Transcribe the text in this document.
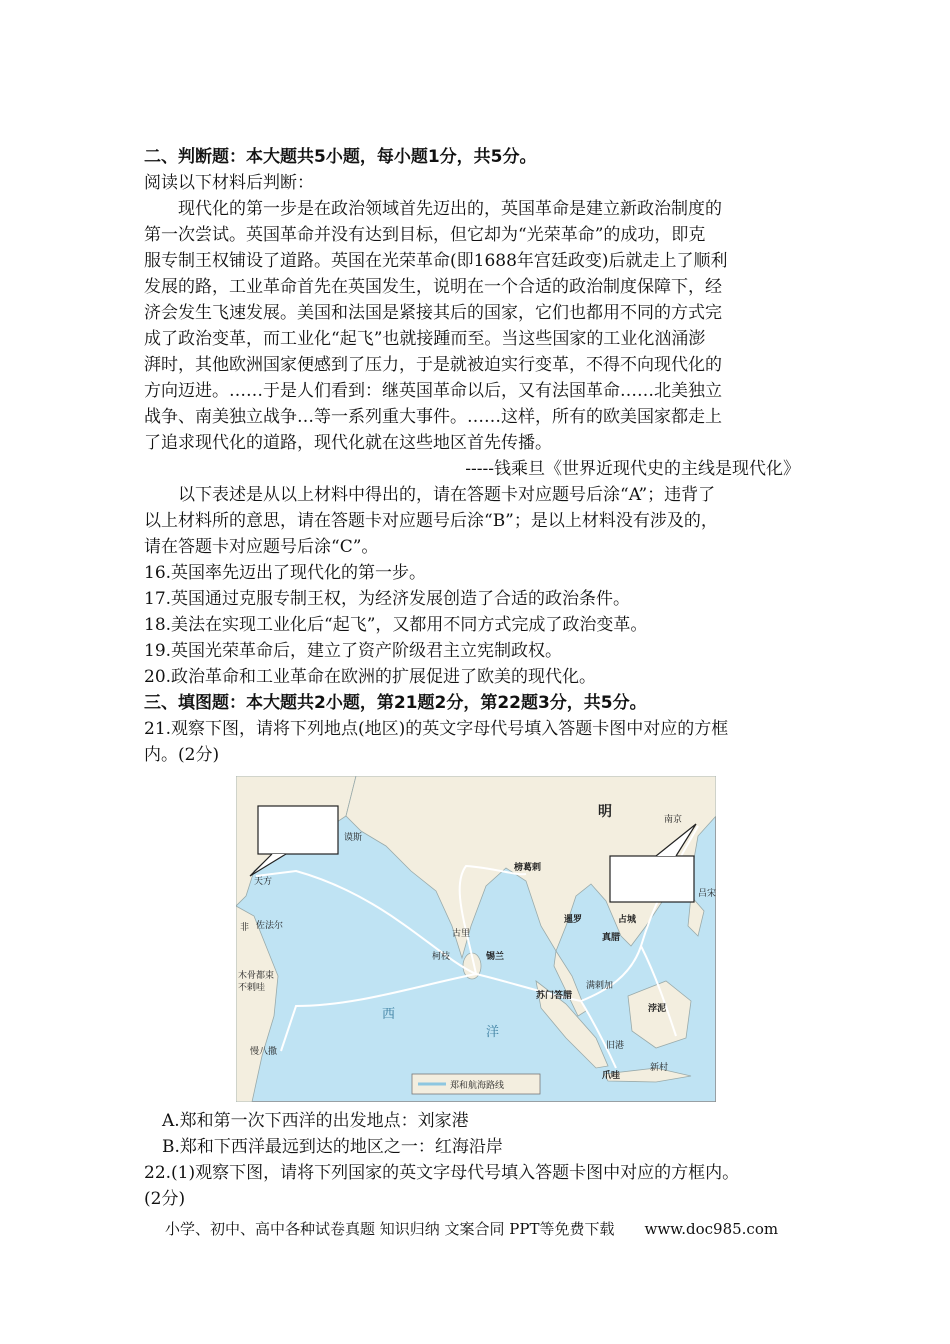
二、判断题：本大题共5小题，每小题1分，共5分。
阅读以下材料后判断：
现代化的第一步是在政治领域首先迈出的，英国革命是建立新政治制度的
第一次尝试。英国革命并没有达到目标，但它却为“光荣革命”的成功，即克
服专制王权铺设了道路。英国在光荣革命(即1688年宫廷政变)后就走上了顺利
发展的路，工业革命首先在英国发生，说明在一个合适的政治制度保障下，经
济会发生飞速发展。美国和法国是紧接其后的国家，它们也都用不同的方式完
成了政治变革，而工业化“起飞”也就接踵而至。当这些国家的工业化汹涌澎
湃时，其他欧洲国家便感到了压力，于是就被迫实行变革，不得不向现代化的
方向迈进。……于是人们看到：继英国革命以后，又有法国革命……北美独立
战争、南美独立战争…等一系列重大事件。……这样，所有的欧美国家都走上
了追求现代化的道路，现代化就在这些地区首先传播。
-----钱乘旦《世界近现代史的主线是现代化》
以下表述是从以上材料中得出的，请在答题卡对应题号后涂“A”；违背了
以上材料所的意思，请在答题卡对应题号后涂“B”；是以上材料没有涉及的，
请在答题卡对应题号后涂“C”。
16.英国率先迈出了现代化的第一步。
17.英国通过克服专制王权，为经济发展创造了合适的政治条件。
18.美法在实现工业化后“起飞”，又都用不同方式完成了政治变革。
19.英国光荣革命后，建立了资产阶级君主立宪制政权。
20.政治革命和工业革命在欧洲的扩展促进了欧美的现代化。
三、填图题：本大题共2小题，第21题2分，第22题3分，共5分。
21.观察下图，请将下列地点(地区)的英文字母代号填入答题卡图中对应的方框
内。(2分)
明	南京
谟斯
天方
榜葛剌
佐法尔
非
古里
柯枝	锡兰
暹罗	占城
真腊
吕宋
木骨都束
不剌哇
慢八撒
西
洋
苏门答腊
满剌加
旧港
浡泥
爪哇
新村
郑和航海路线
A.郑和第一次下西洋的出发地点：刘家港
B.郑和下西洋最远到达的地区之一：红海沿岸
22.(1)观察下图，请将下列国家的英文字母代号填入答题卡图中对应的方框内。
(2分)
小学、初中、高中各种试卷真题 知识归纳 文案合同 PPT等免费下载　　www.doc985.com
